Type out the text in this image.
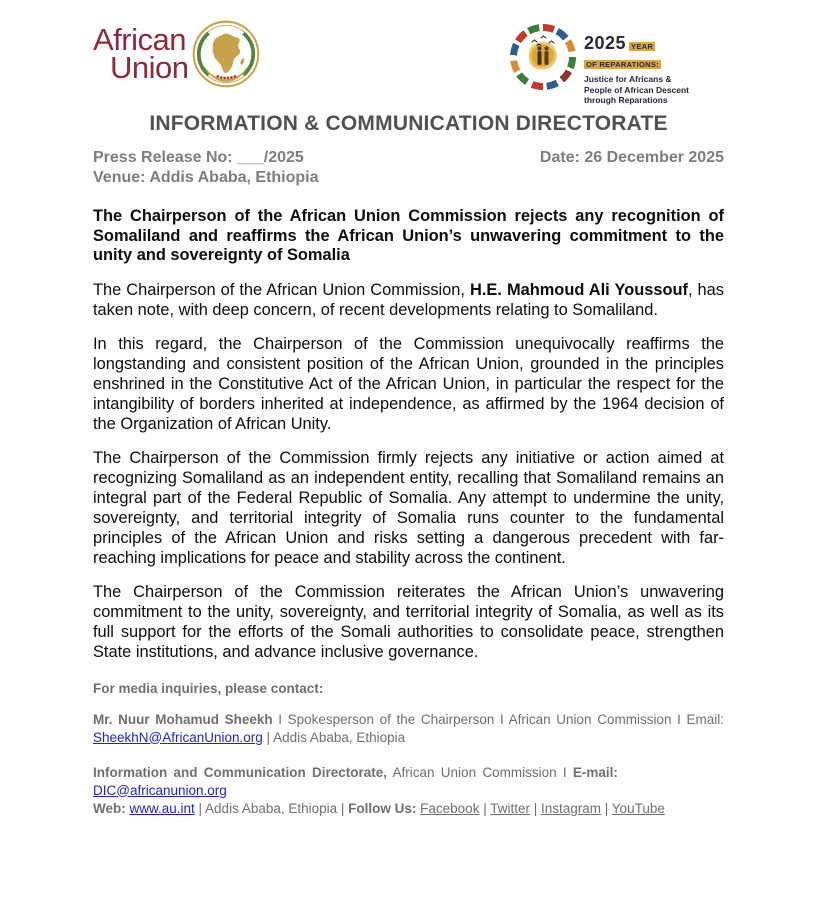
African
Union
2025 YEAR
OF REPARATIONS:
Justice for Africans &
People of African Descent
through Reparations
INFORMATION & COMMUNICATION DIRECTORATE
Press Release No: ___/2025	Date: 26 December 2025
Venue: Addis Ababa, Ethiopia
The Chairperson of the African Union Commission rejects any recognition of Somaliland and reaffirms the African Union’s unwavering commitment to the unity and sovereignty of Somalia

The Chairperson of the African Union Commission, H.E. Mahmoud Ali Youssouf, has taken note, with deep concern, of recent developments relating to Somaliland.

In this regard, the Chairperson of the Commission unequivocally reaffirms the longstanding and consistent position of the African Union, grounded in the principles enshrined in the Constitutive Act of the African Union, in particular the respect for the intangibility of borders inherited at independence, as affirmed by the 1964 decision of the Organization of African Unity.

The Chairperson of the Commission firmly rejects any initiative or action aimed at recognizing Somaliland as an independent entity, recalling that Somaliland remains an integral part of the Federal Republic of Somalia. Any attempt to undermine the unity, sovereignty, and territorial integrity of Somalia runs counter to the fundamental principles of the African Union and risks setting a dangerous precedent with far-reaching implications for peace and stability across the continent.

The Chairperson of the Commission reiterates the African Union’s unwavering commitment to the unity, sovereignty, and territorial integrity of Somalia, as well as its full support for the efforts of the Somali authorities to consolidate peace, strengthen State institutions, and advance inclusive governance.

For media inquiries, please contact:

Mr. Nuur Mohamud Sheekh I Spokesperson of the Chairperson I African Union Commission I Email: SheekhN@AfricanUnion.org | Addis Ababa, Ethiopia

Information and Communication Directorate, African Union Commission I E-mail: DIC@africanunion.org
Web: www.au.int | Addis Ababa, Ethiopia | Follow Us: Facebook | Twitter | Instagram | YouTube
